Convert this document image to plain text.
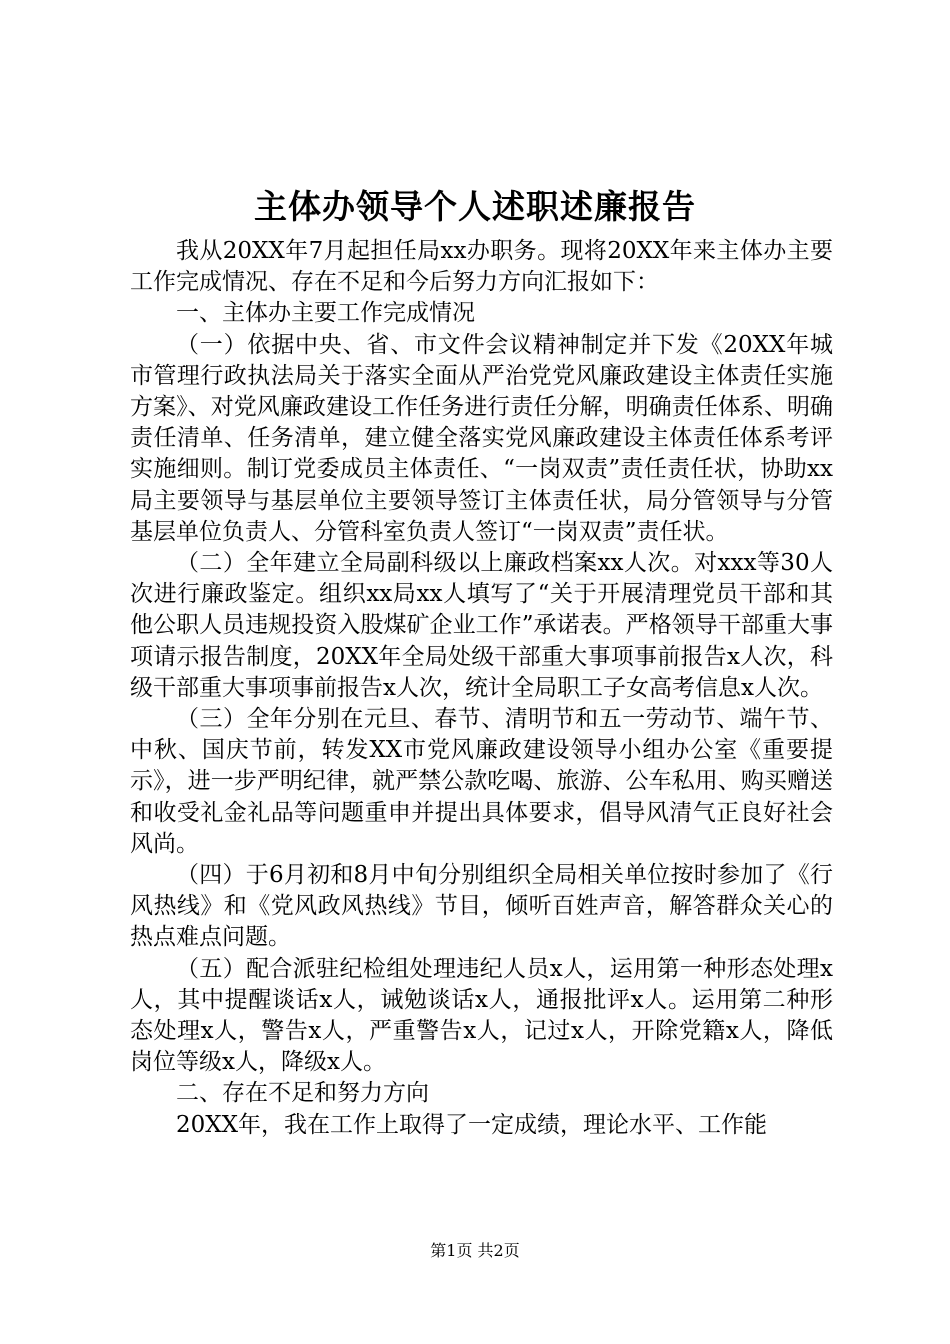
主体办领导个人述职述廉报告

我从20XX年7月起担任局xx办职务。现将20XX年来主体办主要工作完成情况、存在不足和今后努力方向汇报如下：

一、主体办主要工作完成情况

（一）依据中央、省、市文件会议精神制定并下发《20XX年城市管理行政执法局关于落实全面从严治党党风廉政建设主体责任实施方案》、对党风廉政建设工作任务进行责任分解，明确责任体系、明确责任清单、任务清单，建立健全落实党风廉政建设主体责任体系考评实施细则。制订党委成员主体责任、“一岗双责”责任责任状，协助xx局主要领导与基层单位主要领导签订主体责任状，局分管领导与分管基层单位负责人、分管科室负责人签订“一岗双责”责任状。

（二）全年建立全局副科级以上廉政档案xx人次。对xxx等30人次进行廉政鉴定。组织xx局xx人填写了“关于开展清理党员干部和其他公职人员违规投资入股煤矿企业工作”承诺表。严格领导干部重大事项请示报告制度，20XX年全局处级干部重大事项事前报告x人次，科级干部重大事项事前报告x人次，统计全局职工子女高考信息x人次。

（三）全年分别在元旦、春节、清明节和五一劳动节、端午节、中秋、国庆节前，转发XX市党风廉政建设领导小组办公室《重要提示》，进一步严明纪律，就严禁公款吃喝、旅游、公车私用、购买赠送和收受礼金礼品等问题重申并提出具体要求，倡导风清气正良好社会风尚。

（四）于6月初和8月中旬分别组织全局相关单位按时参加了《行风热线》和《党风政风热线》节目，倾听百姓声音，解答群众关心的热点难点问题。

（五）配合派驻纪检组处理违纪人员x人，运用第一种形态处理x人，其中提醒谈话x人，诫勉谈话x人，通报批评x人。运用第二种形态处理x人，警告x人，严重警告x人，记过x人，开除党籍x人，降低岗位等级x人，降级x人。

二、存在不足和努力方向

20XX年，我在工作上取得了一定成绩，理论水平、工作能

第1页 共2页
